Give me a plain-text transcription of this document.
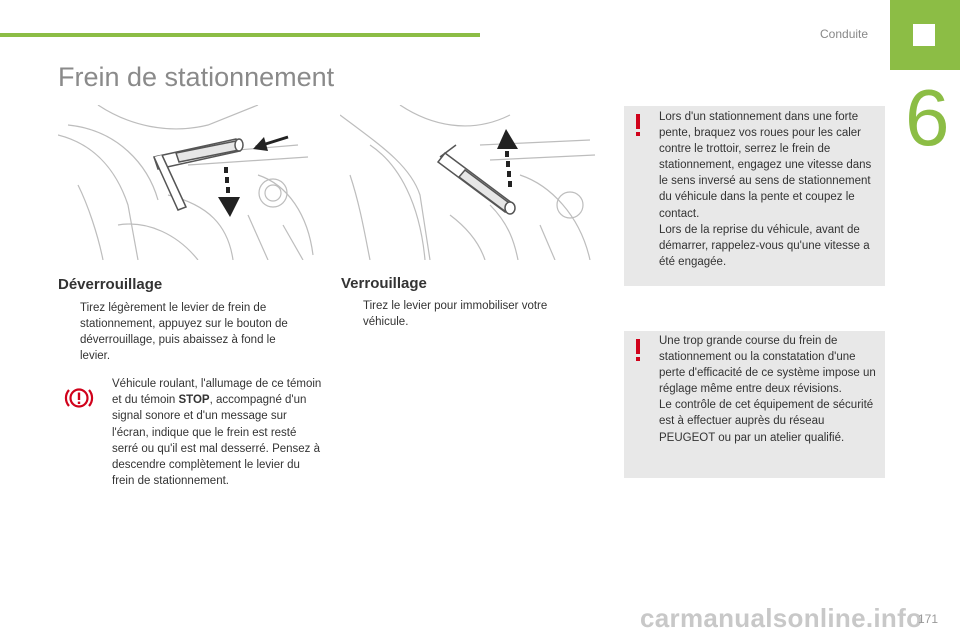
Conduite
6
Frein de stationnement
Déverrouillage
Tirez légèrement le levier de frein de stationnement, appuyez sur le bouton de déverrouillage, puis abaissez à fond le levier.
Véhicule roulant, l'allumage de ce témoin et du témoin STOP, accompagné d'un signal sonore et d'un message sur l'écran, indique que le frein est resté serré ou qu'il est mal desserré. Pensez à descendre complètement le levier du frein de stationnement.
Verrouillage
Tirez le levier pour immobiliser votre véhicule.
Lors d'un stationnement dans une forte pente, braquez vos roues pour les caler contre le trottoir, serrez le frein de stationnement, engagez une vitesse dans le sens inversé au sens de stationnement du véhicule dans la pente et coupez le contact.
Lors de la reprise du véhicule, avant de démarrer, rappelez-vous qu'une vitesse a été engagée.
Une trop grande course du frein de stationnement ou la constatation d'une perte d'efficacité de ce système impose un réglage même entre deux révisions.
Le contrôle de cet équipement de sécurité est à effectuer auprès du réseau PEUGEOT ou par un atelier qualifié.
carmanualsonline.info
171
